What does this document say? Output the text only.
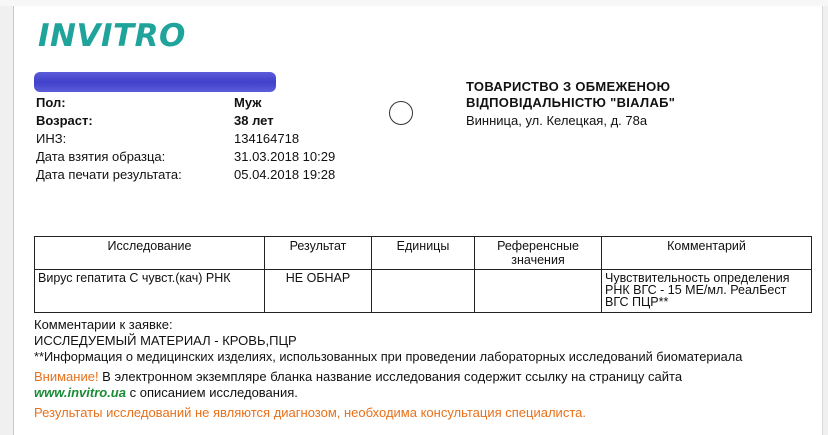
INVITRO
Пол:	Муж
Возраст:	38 лет
ИНЗ:	134164718
Дата взятия образца:	31.03.2018 10:29
Дата печати результата:	05.04.2018 19:28
ТОВАРИСТВО З ОБМЕЖЕНОЮ
ВІДПОВІДАЛЬНІСТЮ "ВІАЛАБ"
Винница, ул. Келецкая, д. 78а
Исследование	Результат	Единицы	Референсные значения	Комментарий
Вирус гепатита С чувст.(кач) РНК	НЕ ОБНАР			Чувствительность определения РНК ВГС - 15 МЕ/мл. РеалБест ВГС ПЦР**
Комментарии к заявке:
ИССЛЕДУЕМЫЙ МАТЕРИАЛ - КРОВЬ,ПЦР
**Информация о медицинских изделиях, использованных при проведении лабораторных исследований биоматериала
Внимание! В электронном экземпляре бланка название исследования содержит ссылку на страницу сайта
www.invitro.ua с описанием исследования.
Результаты исследований не являются диагнозом, необходима консультация специалиста.
